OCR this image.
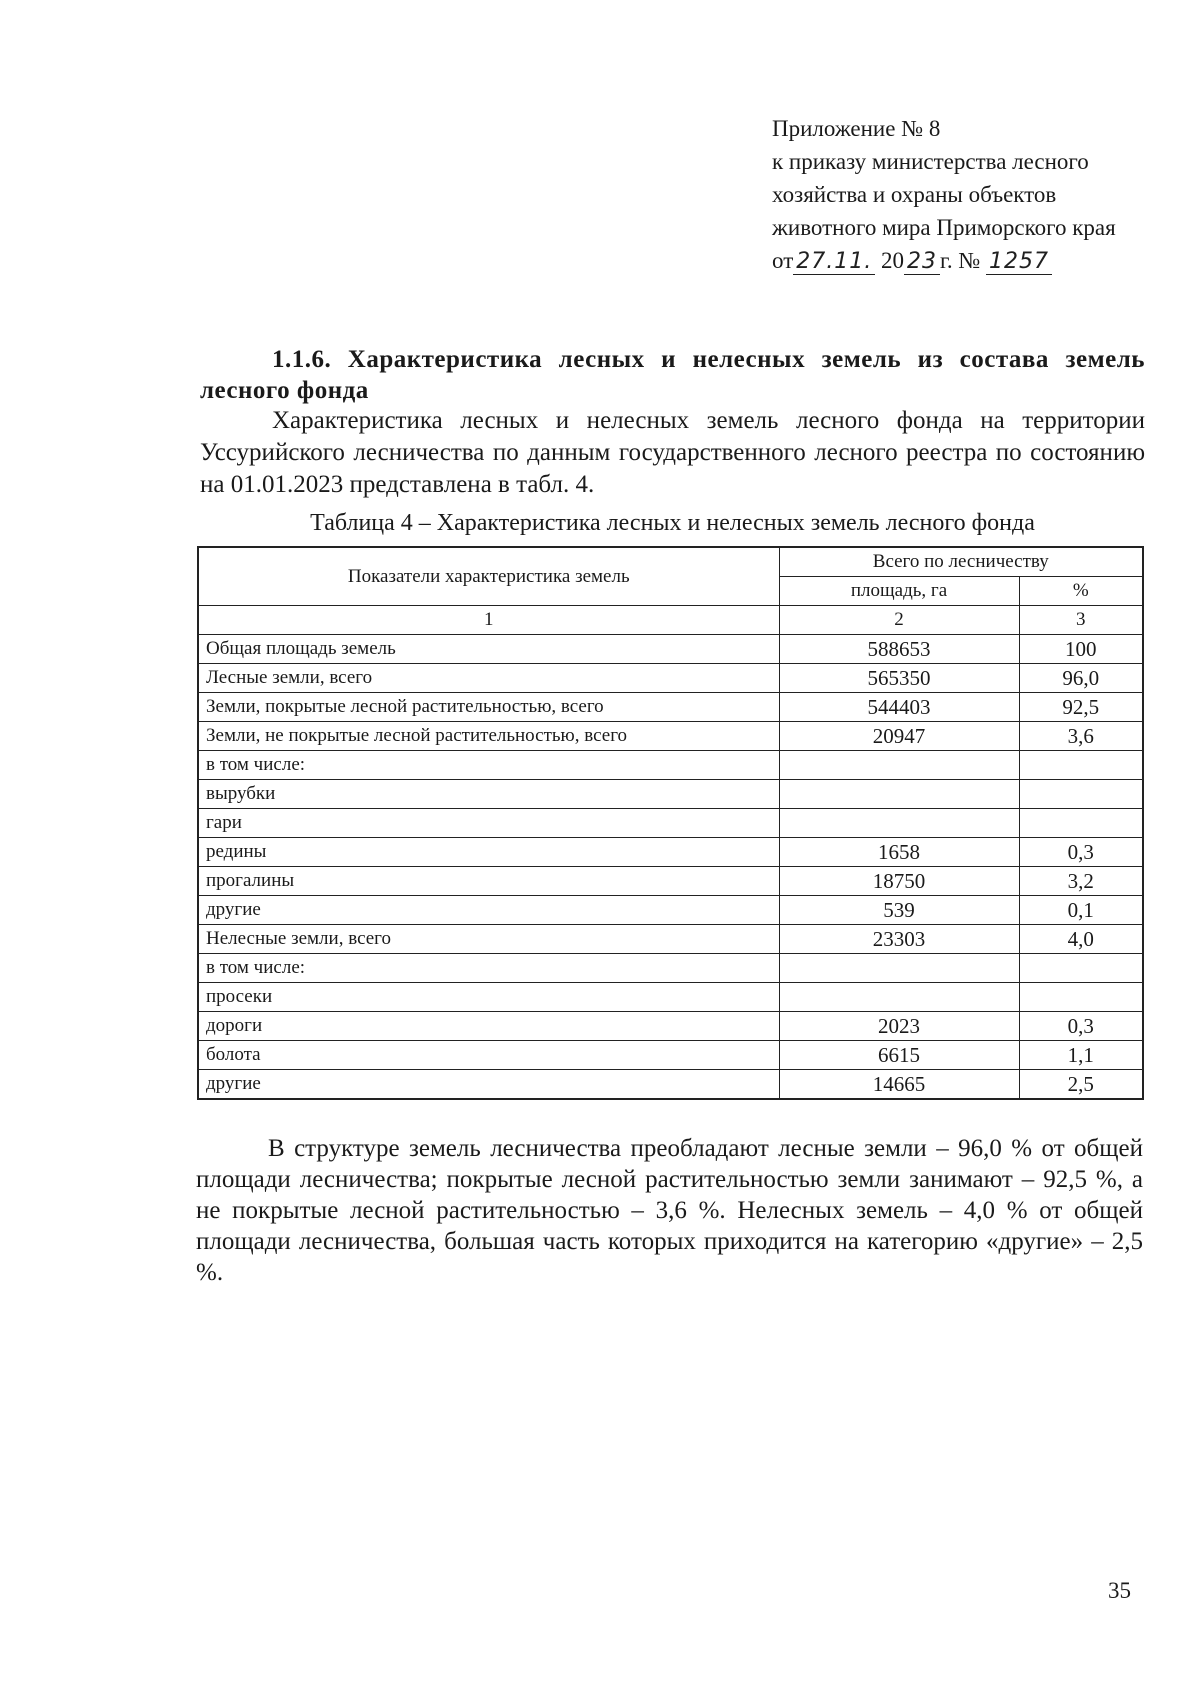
Приложение № 8
к приказу министерства лесного
хозяйства и охраны объектов
животного мира Приморского края
от 27.11. 20 23 г. № 1257
1.1.6. Характеристика лесных и нелесных земель из состава земель лесного фонда
Характеристика лесных и нелесных земель лесного фонда на территории Уссурийского лесничества по данным государственного лесного реестра по состоянию на 01.01.2023 представлена в табл. 4.
Таблица 4 – Характеристика лесных и нелесных земель лесного фонда
Показатели характеристика земель	Всего по лесничеству	
	площадь, га	%
1	2	3
Общая площадь земель	588653	100
Лесные земли, всего	565350	96,0
Земли, покрытые лесной растительностью, всего	544403	92,5
Земли, не покрытые лесной растительностью, всего	20947	3,6
в том числе:		
вырубки		
гари		
редины	1658	0,3
прогалины	18750	3,2
другие	539	0,1
Нелесные земли, всего	23303	4,0
в том числе:		
просеки		
дороги	2023	0,3
болота	6615	1,1
другие	14665	2,5
В структуре земель лесничества преобладают лесные земли – 96,0 % от общей площади лесничества; покрытые лесной растительностью земли занимают – 92,5 %, а не покрытые лесной растительностью – 3,6 %. Нелесных земель – 4,0 % от общей площади лесничества, большая часть которых приходится на категорию «другие» – 2,5 %.
35
